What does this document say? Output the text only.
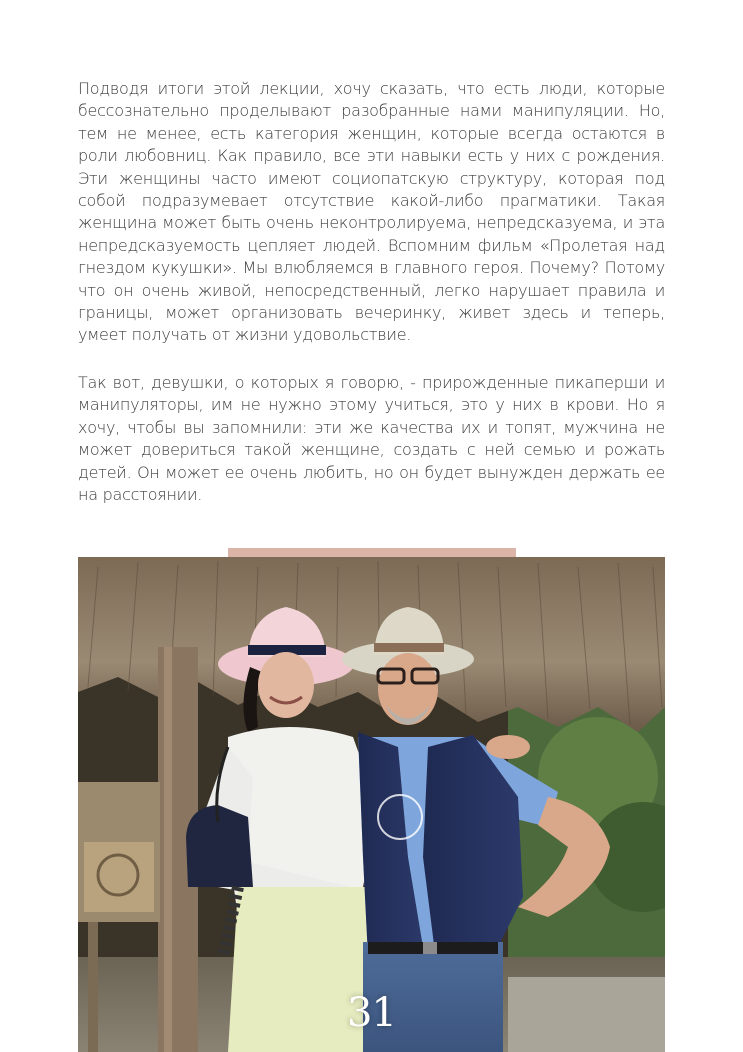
Подводя итоги этой лекции, хочу сказать, что есть люди, которые бессознательно проделывают разобранные нами манипуляции. Но, тем не менее, есть категория женщин, которые всегда остаются в роли любовниц. Как правило, все эти навыки есть у них с рождения. Эти женщины часто имеют социопатскую структуру, которая под собой подразумевает отсутствие какой-либо прагматики. Такая женщина может быть очень неконтролируема, непредсказуема, и эта непредсказуемость цепляет людей. Вспомним фильм «Пролетая над гнездом кукушки». Мы влюбляемся в главного героя. Почему? Потому что он очень живой, непосредственный, легко нарушает правила и границы, может организовать вечеринку, живет здесь и теперь, умеет получать от жизни удовольствие.

Так вот, девушки, о которых я говорю, - прирожденные пикаперши и манипуляторы, им не нужно этому учиться, это у них в крови. Но я хочу, чтобы вы запомнили: эти же качества их и топят, мужчина не может довериться такой женщине, создать с ней семью и рожать детей. Он может ее очень любить, но он будет вынужден держать ее на расстоянии.

31
